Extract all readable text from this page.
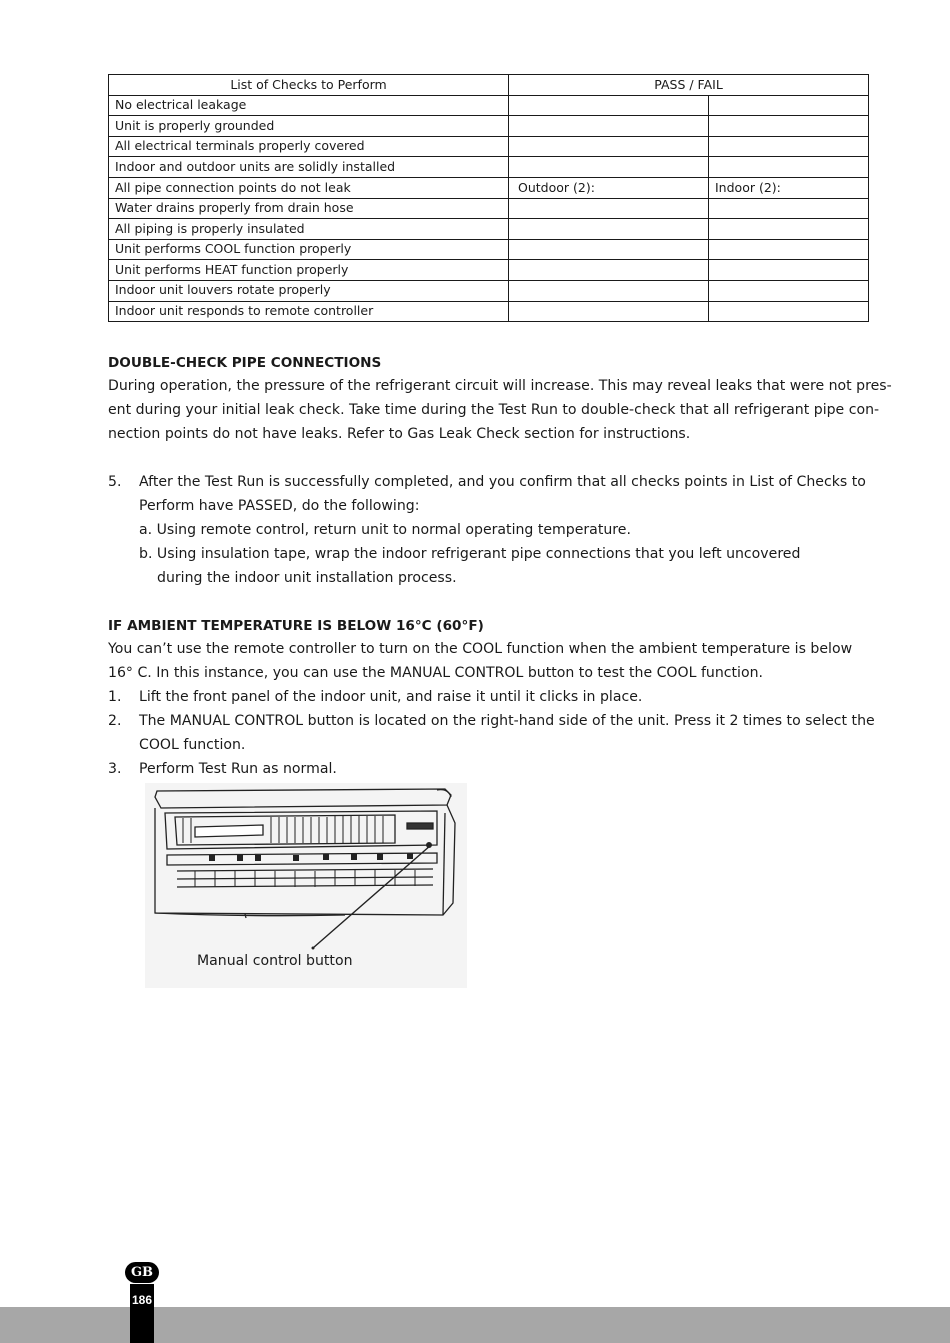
List of Checks to Perform	PASS / FAIL	
No electrical leakage		
Unit is properly grounded		
All electrical terminals properly covered		
Indoor and outdoor units are solidly installed		
All pipe connection points do not leak	Outdoor (2):	Indoor (2):
Water drains properly from drain hose		
All piping is properly insulated		
Unit performs COOL function properly		
Unit performs HEAT function properly		
Indoor unit louvers rotate properly		
Indoor unit responds to remote controller		
DOUBLE-CHECK PIPE CONNECTIONS
During operation, the pressure of the refrigerant circuit will increase. This may reveal leaks that were not pres-
ent during your initial leak check. Take time during the Test Run to double-check that all refrigerant pipe con-
nection points do not have leaks. Refer to Gas Leak Check section for instructions.
5. After the Test Run is successfully completed, and you confirm that all checks points in List of Checks to
Perform have PASSED, do the following:
a. Using remote control, return unit to normal operating temperature.
b. Using insulation tape, wrap the indoor refrigerant pipe connections that you left uncovered
during the indoor unit installation process.
IF AMBIENT TEMPERATURE IS BELOW 16°C (60°F)
You can’t use the remote controller to turn on the COOL function when the ambient temperature is below
16° C. In this instance, you can use the MANUAL CONTROL button to test the COOL function.
1. Lift the front panel of the indoor unit, and raise it until it clicks in place.
2. The MANUAL CONTROL button is located on the right-hand side of the unit. Press it 2 times to select the
COOL function.
3. Perform Test Run as normal.
Manual control button
186
GB
